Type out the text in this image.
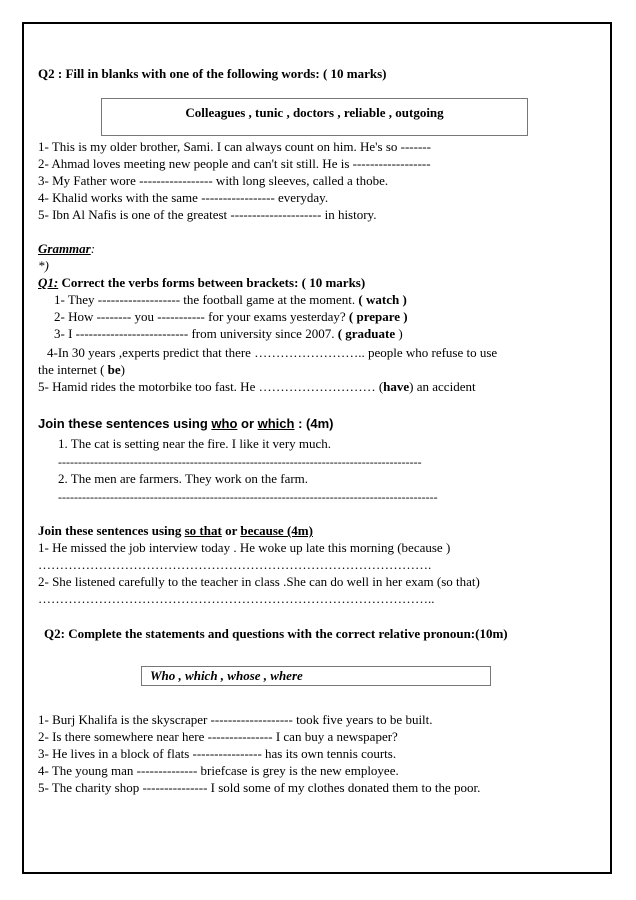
Q2 : Fill in blanks with one of the following words: ( 10 marks)
Colleagues , tunic , doctors , reliable , outgoing
1- This is my older brother, Sami. I can always count on him. He's so -------
2- Ahmad loves meeting new people and can't sit still. He is ------------------
3- My Father wore ----------------- with long sleeves, called a thobe.
4- Khalid works with the same ----------------- everyday.
5- Ibn Al Nafis is one of the greatest --------------------- in history.
Grammar:
*)
Q1: Correct the verbs forms between brackets: ( 10 marks)
1- They ------------------- the football game at the moment. ( watch )
2- How -------- you ----------- for your exams yesterday? ( prepare )
3- I -------------------------- from university since 2007. ( graduate )
4-In 30 years ,experts predict that there …………………….. people who refuse to use
the internet ( be)
5- Hamid rides the motorbike too fast. He ……………………… (have) an accident
Join these sentences using who or which : (4m)
1. The cat is setting near the fire. I like it very much.
-------------------------------------------------------------------------------------------
2. The men are farmers. They work on the farm.
-----------------------------------------------------------------------------------------------
Join these sentences using so that or because (4m)
1- He missed the job interview today . He woke up late this morning (because )
……………………………………………………………………………….
2- She listened carefully to the teacher in class .She can do well in her exam (so that)
………………………………………………………………………………..
Q2: Complete the statements and questions with the correct relative pronoun:(10m)
Who , which , whose , where
1- Burj Khalifa is the skyscraper ------------------- took five years to be built.
2- Is there somewhere near here --------------- I can buy a newspaper?
3- He lives in a block of flats ---------------- has its own tennis courts.
4- The young man -------------- briefcase is grey is the new employee.
5- The charity shop --------------- I sold some of my clothes donated them to the poor.
